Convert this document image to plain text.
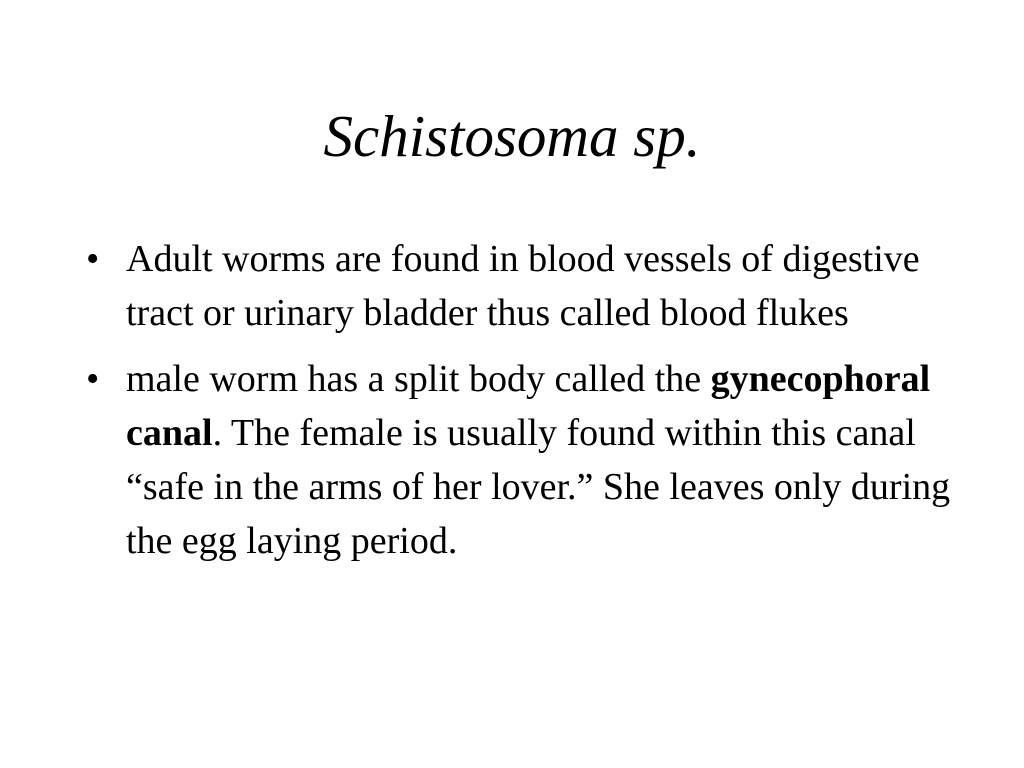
Schistosoma sp.
• Adult worms are found in blood vessels of digestive tract or urinary bladder thus called blood flukes
• male worm has a split body called the gynecophoral canal. The female is usually found within this canal “safe in the arms of her lover.” She leaves only during the egg laying period.
